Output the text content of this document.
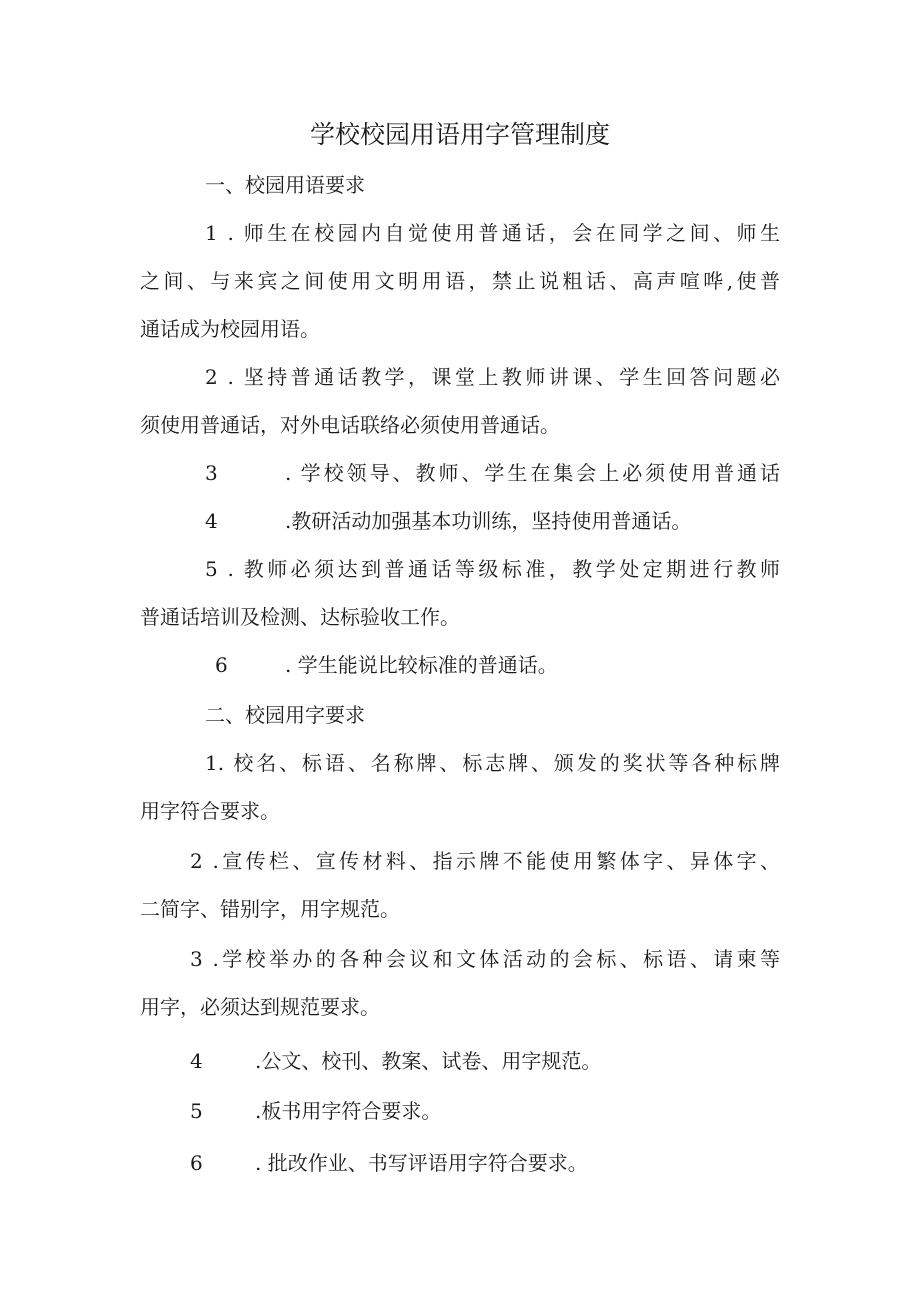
学校校园用语用字管理制度
一、校园用语要求
1 . 师生在校园内自觉使用普通话，会在同学之间、师生
之间、与来宾之间使用文明用语，禁止说粗话、高声喧哗,使普
通话成为校园用语。
2 . 坚持普通话教学，课堂上教师讲课、学生回答问题必
须使用普通话，对外电话联络必须使用普通话。
3	. 学校领导、教师、学生在集会上必须使用普通话
4	.教研活动加强基本功训练，坚持使用普通话。
5 . 教师必须达到普通话等级标准，教学处定期进行教师
普通话培训及检测、达标验收工作。
6	. 学生能说比较标准的普通话。
二、校园用字要求
1. 校名、标语、名称牌、标志牌、颁发的奖状等各种标牌
用字符合要求。
2 .宣传栏、宣传材料、指示牌不能使用繁体字、异体字、
二简字、错别字，用字规范。
3 .学校举办的各种会议和文体活动的会标、标语、请柬等
用字，必须达到规范要求。
4	.公文、校刊、教案、试卷、用字规范。
5	.板书用字符合要求。
6	. 批改作业、书写评语用字符合要求。
